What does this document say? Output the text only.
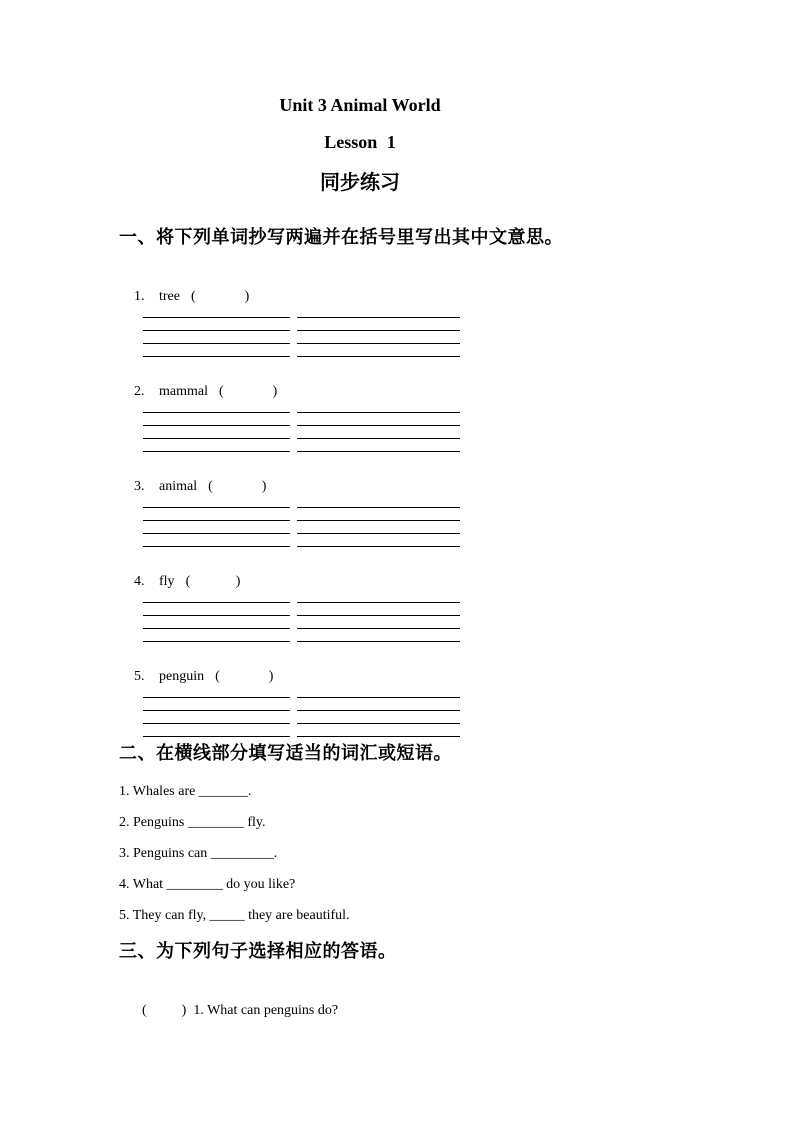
Unit 3 Animal World
Lesson 1
同步练习
一、将下列单词抄写两遍并在括号里写出其中文意思。

1. tree (              )

2. mammal (              )

3. animal (              )

4. fly (             )

5. penguin (              )

二、在横线部分填写适当的词汇或短语。
1. Whales are _______.
2. Penguins ________ fly.
3. Penguins can _________.
4. What ________ do you like?
5. They can fly, _____ they are beautiful.
三、为下列句子选择相应的答语。

(          ) 1. What can penguins do?
